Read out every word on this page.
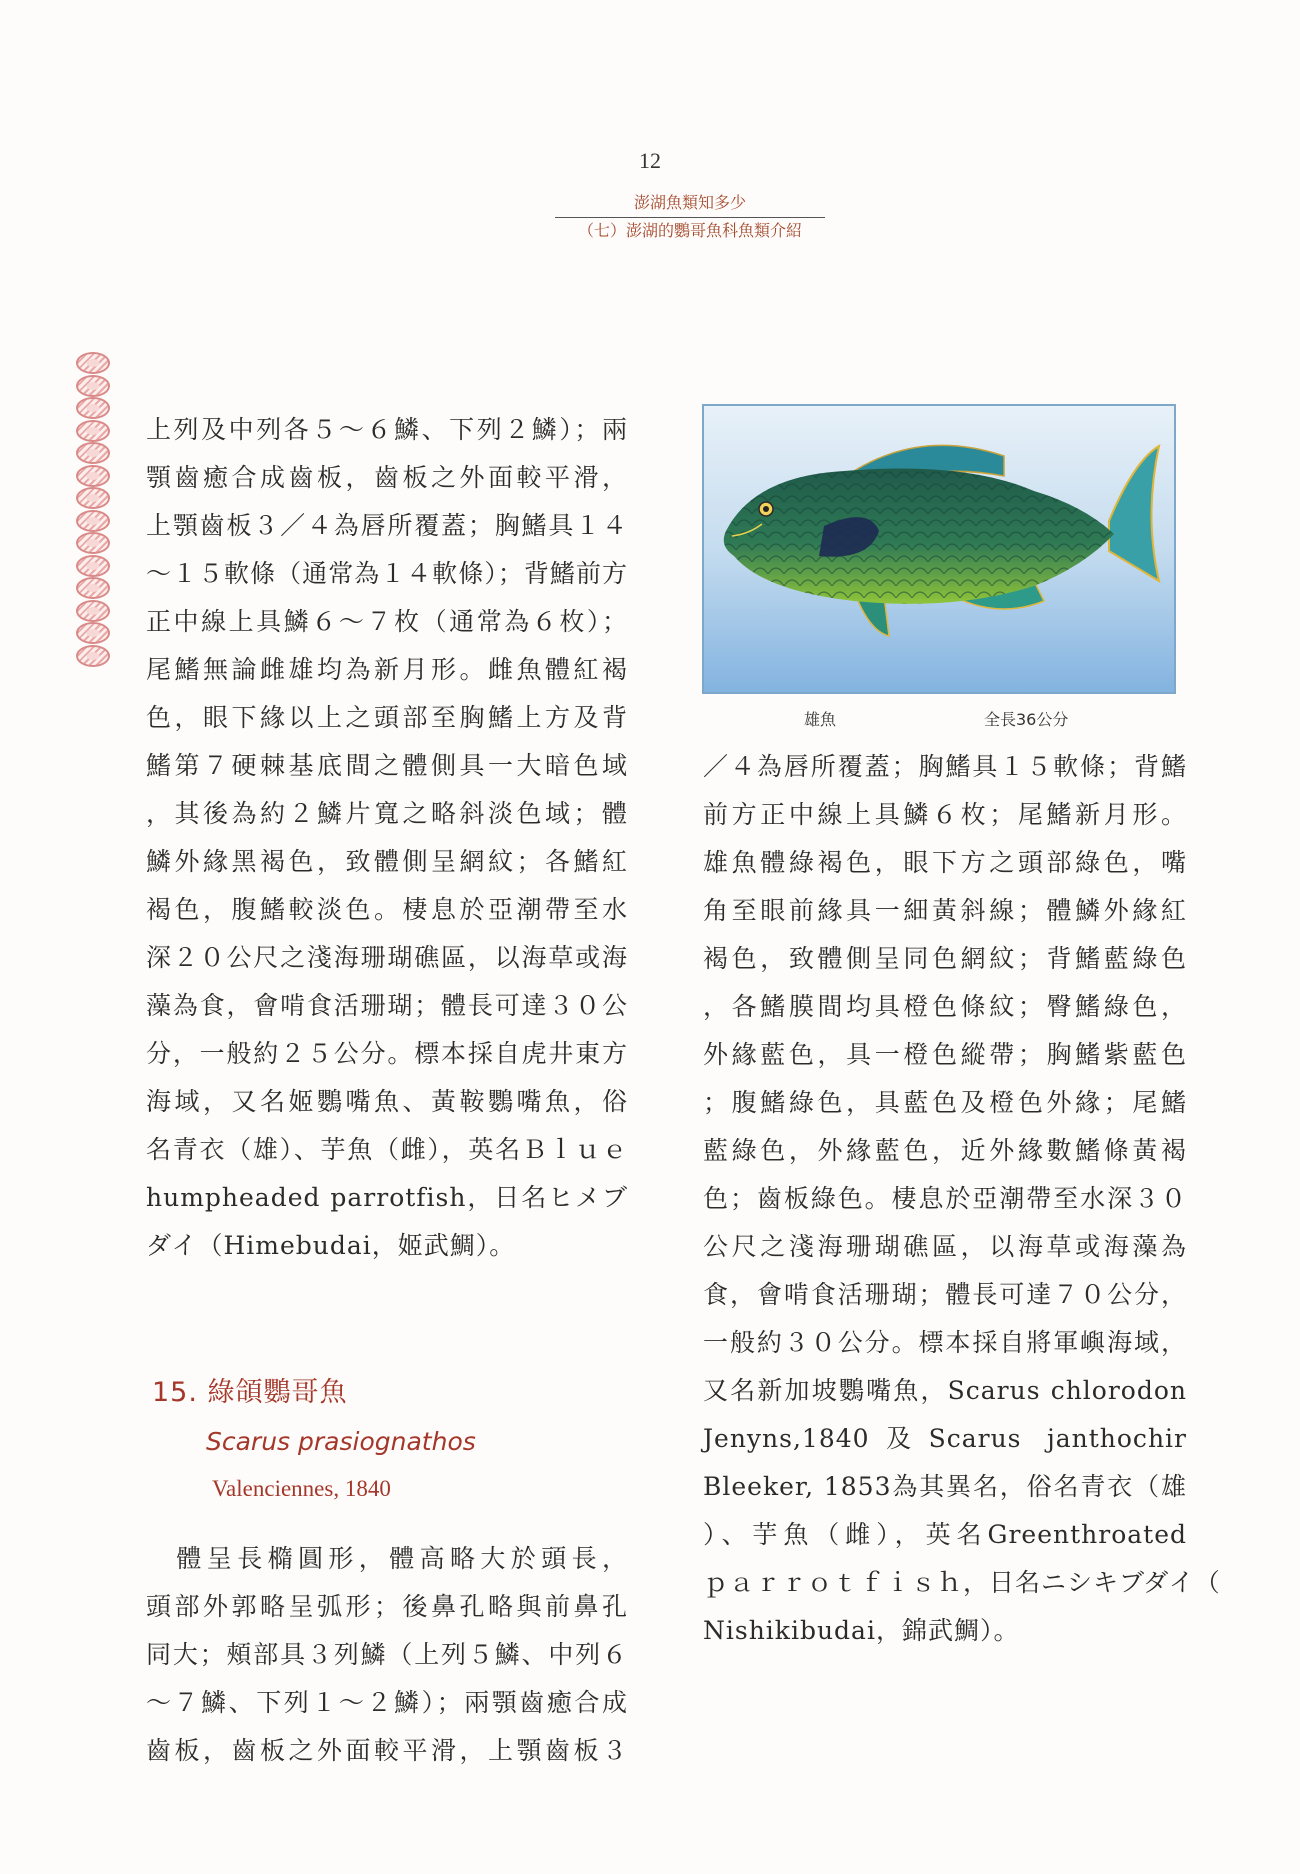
12
澎湖魚類知多少
（七）澎湖的鸚哥魚科魚類介紹
上列及中列各５～６鱗、下列２鱗）；兩
顎齒癒合成齒板，齒板之外面較平滑，
上顎齒板３／４為唇所覆蓋；胸鰭具１４
～１５軟條（通常為１４軟條）；背鰭前方
正中線上具鱗６～７枚（通常為６枚）；
尾鰭無論雌雄均為新月形。雌魚體紅褐
色，眼下緣以上之頭部至胸鰭上方及背
鰭第７硬棘基底間之體側具一大暗色域
，其後為約２鱗片寬之略斜淡色域；體
鱗外緣黑褐色，致體側呈網紋；各鰭紅
褐色，腹鰭較淡色。棲息於亞潮帶至水
深２０公尺之淺海珊瑚礁區，以海草或海
藻為食，會啃食活珊瑚；體長可達３０公
分，一般約２５公分。標本採自虎井東方
海域，又名姬鸚嘴魚、黃鞍鸚嘴魚，俗
名青衣（雄）、芋魚（雌），英名Ｂｌｕｅ
humpheaded parrotfish，日名ヒメブ
ダイ（Himebudai，姬武鯛）。
15. 綠頜鸚哥魚
Scarus prasiognathos
Valenciennes, 1840
　體呈長橢圓形，體高略大於頭長，
頭部外郭略呈弧形；後鼻孔略與前鼻孔
同大；頰部具３列鱗（上列５鱗、中列６
～７鱗、下列１～２鱗）；兩顎齒癒合成
齒板，齒板之外面較平滑，上顎齒板３
雄魚	全長36公分
／４為唇所覆蓋；胸鰭具１５軟條；背鰭
前方正中線上具鱗６枚；尾鰭新月形。
雄魚體綠褐色，眼下方之頭部綠色，嘴
角至眼前緣具一細黃斜線；體鱗外緣紅
褐色，致體側呈同色網紋；背鰭藍綠色
，各鰭膜間均具橙色條紋；臀鰭綠色，
外緣藍色，具一橙色縱帶；胸鰭紫藍色
；腹鰭綠色，具藍色及橙色外緣；尾鰭
藍綠色，外緣藍色，近外緣數鰭條黃褐
色；齒板綠色。棲息於亞潮帶至水深３０
公尺之淺海珊瑚礁區，以海草或海藻為
食，會啃食活珊瑚；體長可達７０公分，
一般約３０公分。標本採自將軍嶼海域，
又名新加坡鸚嘴魚，Scarus chlorodon
Jenyns,1840及Scarus janthochir
Bleeker, 1853為其異名，俗名青衣（雄
）、芋魚（雌），英名Greenthroated
ｐａｒｒｏｔｆｉｓｈ，日名ニシキブダイ（
Nishikibudai，錦武鯛）。
